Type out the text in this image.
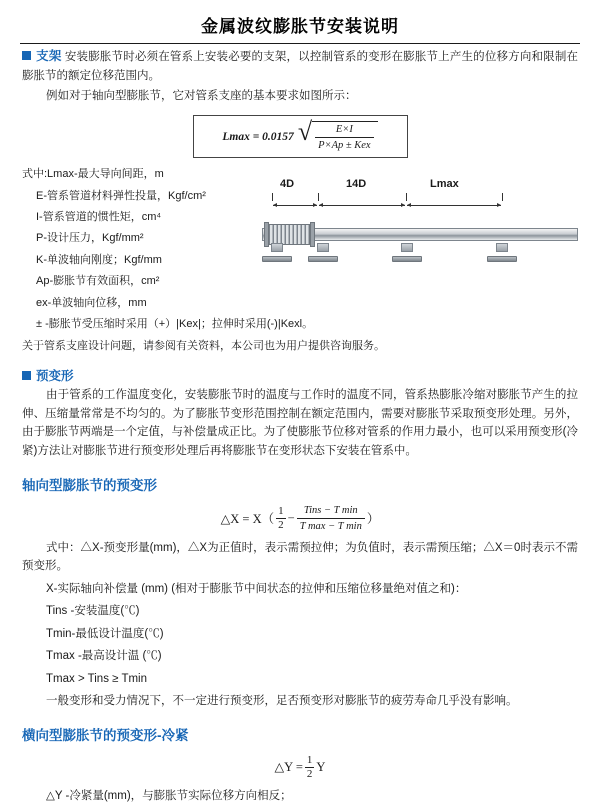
金属波纹膨胀节安装说明
支架 安装膨胀节时必须在管系上安装必要的支架，以控制管系的变形在膨胀节上产生的位移方向和限制在膨胀节的额定位移范围内。
例如对于轴向型膨胀节，它对管系支座的基本要求如图所示：
Lmax = 0.0157 √ $\frac{E\times I}{\text{P×Ap ± Kex}}$
式中:Lmax-最大导向间距，m
E-管系管道材料弹性投量，Kgf/cm²
I-管系管道的惯性矩，cm⁴
P-设计压力，Kgf/mm²
K-单波轴向刚度；Kgf/mm
Ap-膨胀节有效面积，cm²
ex-单波轴向位移，mm
4D	14D	Lmax
± -膨胀节受压缩时采用（+）|Kex|；拉伸时采用(-)|Kexl。
关于管系支座设计问题，请参阅有关资料，本公司也为用户提供咨询服务。
预变形
由于管系的工作温度变化，安装膨胀节时的温度与工作时的温度不同，管系热膨胀冷缩对膨胀节产生的拉伸、压缩量常常是不均匀的。为了膨胀节变形范围控制在额定范围内，需要对膨胀节采取预变形处理。另外，由于膨胀节两端是一个定值，与补偿量成正比。为了使膨胀节位移对管系的作用力最小，也可以采用预变形(冷紧)方法让对膨胀节进行预变形处理后再将膨胀节在变形状态下安装在管系中。
轴向型膨胀节的预变形
△X = $X( \frac{1}{2} - \frac{\text{Tins − T min}}{\text{T max − T min}}$ ）
式中：△X-预变形量(mm)，△X为正值时，表示需预拉伸；为负值时，表示需预压缩；△X＝0时表示不需预变形。
X-实际轴向补偿量 (mm) (相对于膨胀节中间状态的拉伸和压缩位移量绝对值之和)：
Tins -安装温度(℃)
Tmin-最低设计温度(℃)
Tmax -最高设计温 (℃)
Tmax > Tins ≥ Tmin
一般变形和受力情况下，不一定进行预变形，足否预变形对膨胀节的疲劳寿命几乎没有影响。
横向型膨胀节的预变形-冷紧
△Y = $\frac{1}{2}$ Y
△Y -冷紧量(mm)，与膨胀节实际位移方向相反；
